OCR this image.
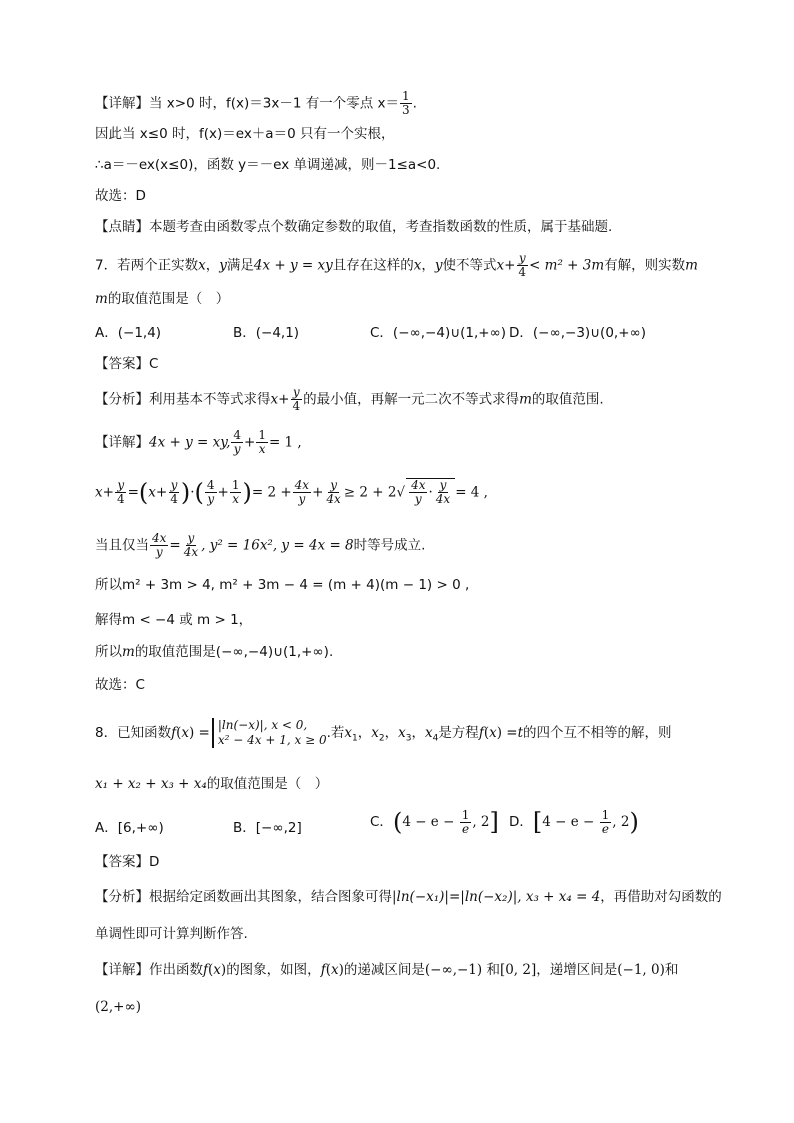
【详解】当 x>0 时，f(x)＝3x－1 有一个零点 $x= \frac{1}{3}$ .
因此当 x≤0 时，f(x)＝ex＋a＝0 只有一个实根，
∴a＝－ex(x≤0)，函数 y＝－ex 单调递减，则－1≤a<0.
故选：D
【点睛】本题考查由函数零点个数确定参数的取值，考查指数函数的性质，属于基础题.
7．若两个正实数x，y满足4x + y = xy且存在这样的x，y使不等式$x+ \frac{y}{4} < m^2 + 3m$有解，则实数m
m的取值范围是（　）
A．(−1,4)	B．(−4,1)	C．(−∞,−4)∪(1,+∞) D．(−∞,−3)∪(0,+∞)
【答案】C
【分析】利用基本不等式求得$x+ \frac{y}{4}$ 的最小值，再解一元二次不等式求得m的取值范围.
【详解】4x + y = xy, $\frac{4}{y} + \frac{1}{x} = 1$ ,
$x+ \frac{y}{4} =(x+ \frac{y}{4}$ )·( $\frac{4}{y} + \frac{1}{x}$ )= $2 + \frac{4x}{y} + \frac{y}{4x} \ge 2 + 2√ \frac{4x}{y} \cdot \frac{y}{4x} = 4$ ,
当且仅当 $\frac{4x}{y} = \frac{y}{4x}$ , y² = 16x², y = 4x = 8时等号成立.
所以m² + 3m > 4, m² + 3m − 4 = (m + 4)(m − 1) > 0 ,
解得m < −4 或 m > 1，
所以m的取值范围是(−∞,−4)∪(1,+∞).
故选：C
8．已知函数f(x) = |ln(−x)|, x < 0,
x² − 4x + 1, x ≥ 0 .若$x_1$，$x_2$，$x_3$，$x_4$是方程f(x) =t的四个互不相等的解，则
x₁ + x₂ + x₃ + x₄的取值范围是（　）
A．[6,+∞)	B．[−∞,2]	C．($4 - e - \frac{1}{e}$ , 2] D．[$4 - e - \frac{1}{e}$ , 2)
【答案】D
【分析】根据给定函数画出其图象，结合图象可得|ln(−x₁)|=|ln(−x₂)|, x₃ + x₄ = 4，再借助对勾函数的
单调性即可计算判断作答.
【详解】作出函数f(x)的图象，如图，f(x)的递减区间是(−∞,−1) 和[0, 2]，递增区间是(−1, 0)和
(2,+∞)
